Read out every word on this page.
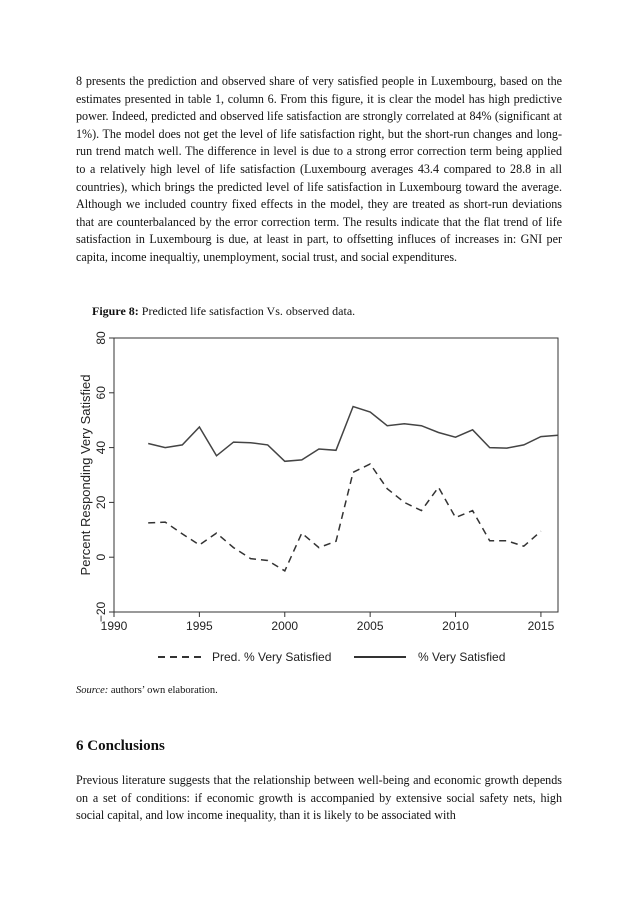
8 presents the prediction and observed share of very satisfied people in Luxembourg, based on the estimates presented in table 1, column 6. From this figure, it is clear the model has high predictive power. Indeed, predicted and observed life satisfaction are strongly correlated at 84% (significant at 1%). The model does not get the level of life satisfaction right, but the short-run changes and long-run trend match well. The difference in level is due to a strong error correction term being applied to a relatively high level of life satisfaction (Luxembourg averages 43.4 compared to 28.8 in all countries), which brings the predicted level of life satisfaction in Luxembourg toward the average. Although we included country fixed effects in the model, they are treated as short-run deviations that are counterbalanced by the error correction term. The results indicate that the flat trend of life satisfaction in Luxembourg is due, at least in part, to offsetting influces of increases in: GNI per capita, income inequaltiy, unemployment, social trust, and social expenditures.

Figure 8: Predicted life satisfaction Vs. observed data.

−20
0
20
40
60
80
1990	1995	2000	2005	2010	2015
Percent Responding Very Satisfied
Pred. % Very Satisfied	% Very Satisfied

Source: authors’ own elaboration.

6 Conclusions

Previous literature suggests that the relationship between well-being and economic growth depends on a set of conditions: if economic growth is accompanied by extensive social safety nets, high social capital, and low income inequality, than it is likely to be associated with
